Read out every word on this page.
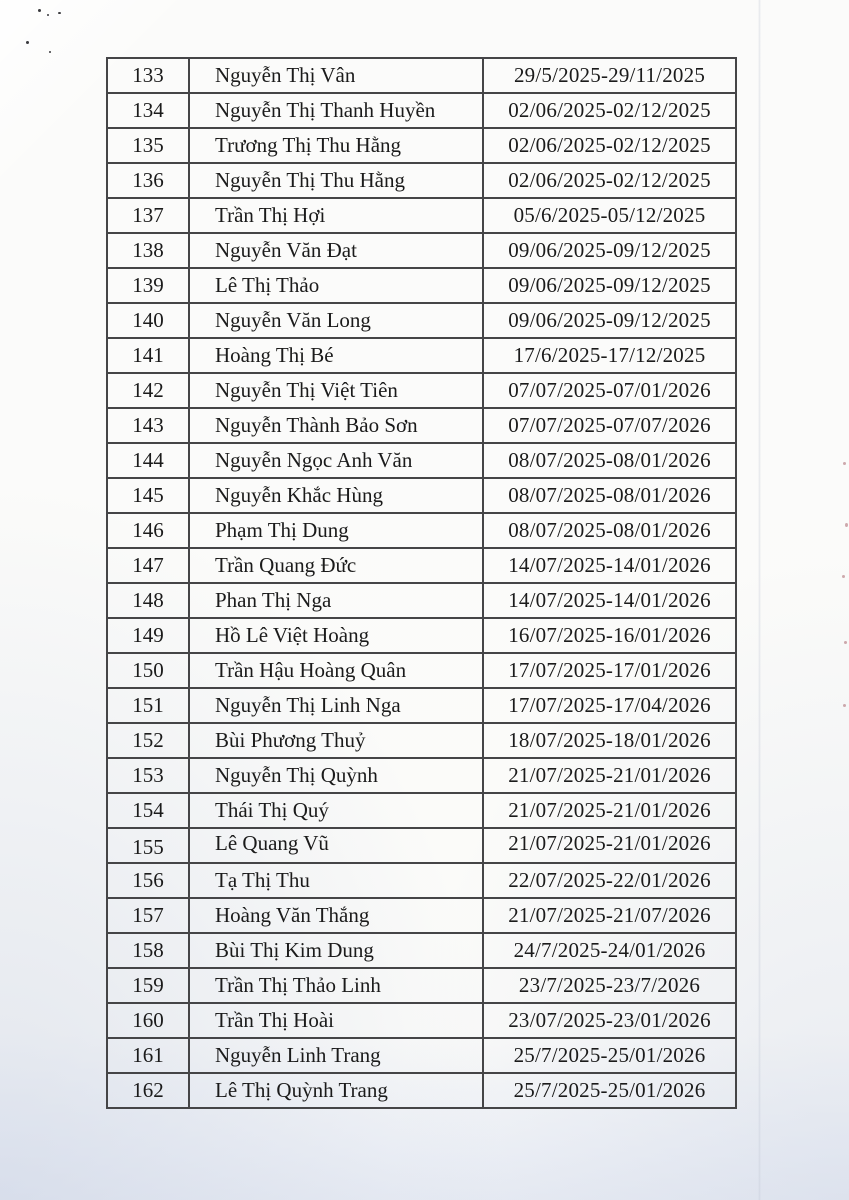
133	Nguyễn Thị Vân	29/5/2025-29/11/2025
134	Nguyễn Thị Thanh Huyền	02/06/2025-02/12/2025
135	Trương Thị Thu Hằng	02/06/2025-02/12/2025
136	Nguyễn Thị Thu Hằng	02/06/2025-02/12/2025
137	Trần Thị Hợi	05/6/2025-05/12/2025
138	Nguyễn Văn Đạt	09/06/2025-09/12/2025
139	Lê Thị Thảo	09/06/2025-09/12/2025
140	Nguyễn Văn Long	09/06/2025-09/12/2025
141	Hoàng Thị Bé	17/6/2025-17/12/2025
142	Nguyễn Thị Việt Tiên	07/07/2025-07/01/2026
143	Nguyễn Thành Bảo Sơn	07/07/2025-07/07/2026
144	Nguyễn Ngọc Anh Văn	08/07/2025-08/01/2026
145	Nguyễn Khắc Hùng	08/07/2025-08/01/2026
146	Phạm Thị Dung	08/07/2025-08/01/2026
147	Trần Quang Đức	14/07/2025-14/01/2026
148	Phan Thị Nga	14/07/2025-14/01/2026
149	Hồ Lê Việt Hoàng	16/07/2025-16/01/2026
150	Trần Hậu Hoàng Quân	17/07/2025-17/01/2026
151	Nguyễn Thị Linh Nga	17/07/2025-17/04/2026
152	Bùi Phương Thuỷ	18/07/2025-18/01/2026
153	Nguyễn Thị Quỳnh	21/07/2025-21/01/2026
154	Thái Thị Quý	21/07/2025-21/01/2026
155	Lê Quang Vũ	21/07/2025-21/01/2026
156	Tạ Thị Thu	22/07/2025-22/01/2026
157	Hoàng Văn Thắng	21/07/2025-21/07/2026
158	Bùi Thị Kim Dung	24/7/2025-24/01/2026
159	Trần Thị Thảo Linh	23/7/2025-23/7/2026
160	Trần Thị Hoài	23/07/2025-23/01/2026
161	Nguyễn Linh Trang	25/7/2025-25/01/2026
162	Lê Thị Quỳnh Trang	25/7/2025-25/01/2026
